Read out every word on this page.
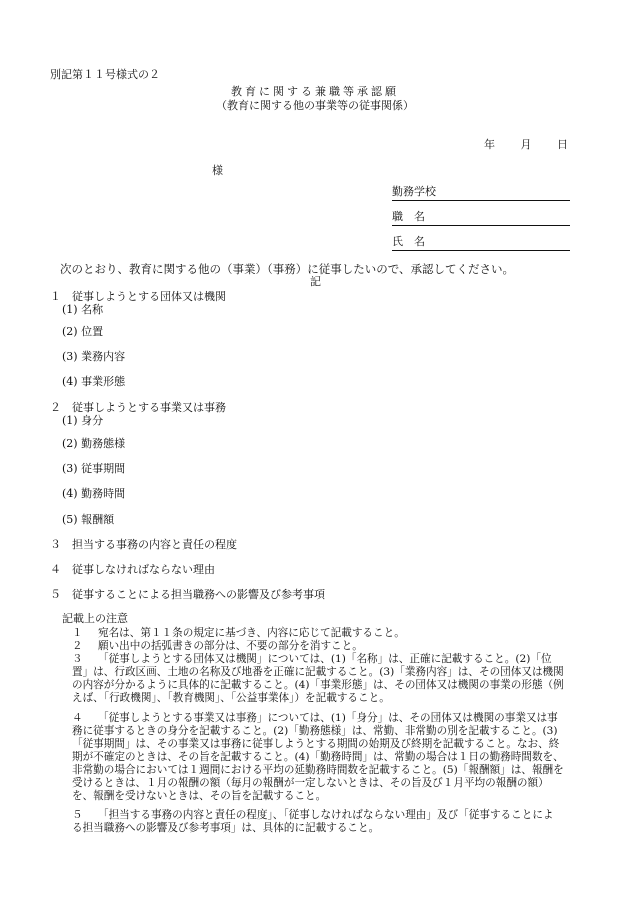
別記第１１号様式の２
教育に関する兼職等承認願
（教育に関する他の事業等の従事関係）
年 月 日
様
勤務学校
職　名
氏　名
次のとおり、教育に関する他の（事業）（事務）に従事したいので、承認してください。
記
１　従事しようとする団体又は機関
(1) 名称
(2) 位置
(3) 業務内容
(4) 事業形態
２　従事しようとする事業又は事務
(1) 身分
(2) 勤務態様
(3) 従事期間
(4) 勤務時間
(5) 報酬額
３　担当する事務の内容と責任の程度
４　従事しなければならない理由
５　従事することによる担当職務への影響及び参考事項
記載上の注意
１ 宛名は、第１１条の規定に基づき、内容に応じて記載すること。
２ 願い出中の括弧書きの部分は、不要の部分を消すこと。
３ 「従事しようとする団体又は機関」については、(1)「名称」は、正確に記載すること。(2)「位置」は、行政区画、土地の名称及び地番を正確に記載すること。(3)「業務内容」は、その団体又は機関の内容が分かるように具体的に記載すること。(4)「事業形態」は、その団体又は機関の事業の形態（例えば、「行政機関」、「教育機関」、「公益事業体」）を記載すること。
４ 「従事しようとする事業又は事務」については、(1)「身分」は、その団体又は機関の事業又は事務に従事するときの身分を記載すること。(2)「勤務態様」は、常勤、非常勤の別を記載すること。(3)「従事期間」は、その事業又は事務に従事しようとする期間の始期及び終期を記載すること。なお、終期が不確定のときは、その旨を記載すること。(4)「勤務時間」は、常勤の場合は１日の勤務時間数を、非常勤の場合においては１週間における平均の延勤務時間数を記載すること。(5)「報酬額」は、報酬を受けるときは、１月の報酬の額（毎月の報酬が一定しないときは、その旨及び１月平均の報酬の額）を、報酬を受けないときは、その旨を記載すること。
５ 「担当する事務の内容と責任の程度」、「従事しなければならない理由」及び「従事することによる担当職務への影響及び参考事項」は、具体的に記載すること。
